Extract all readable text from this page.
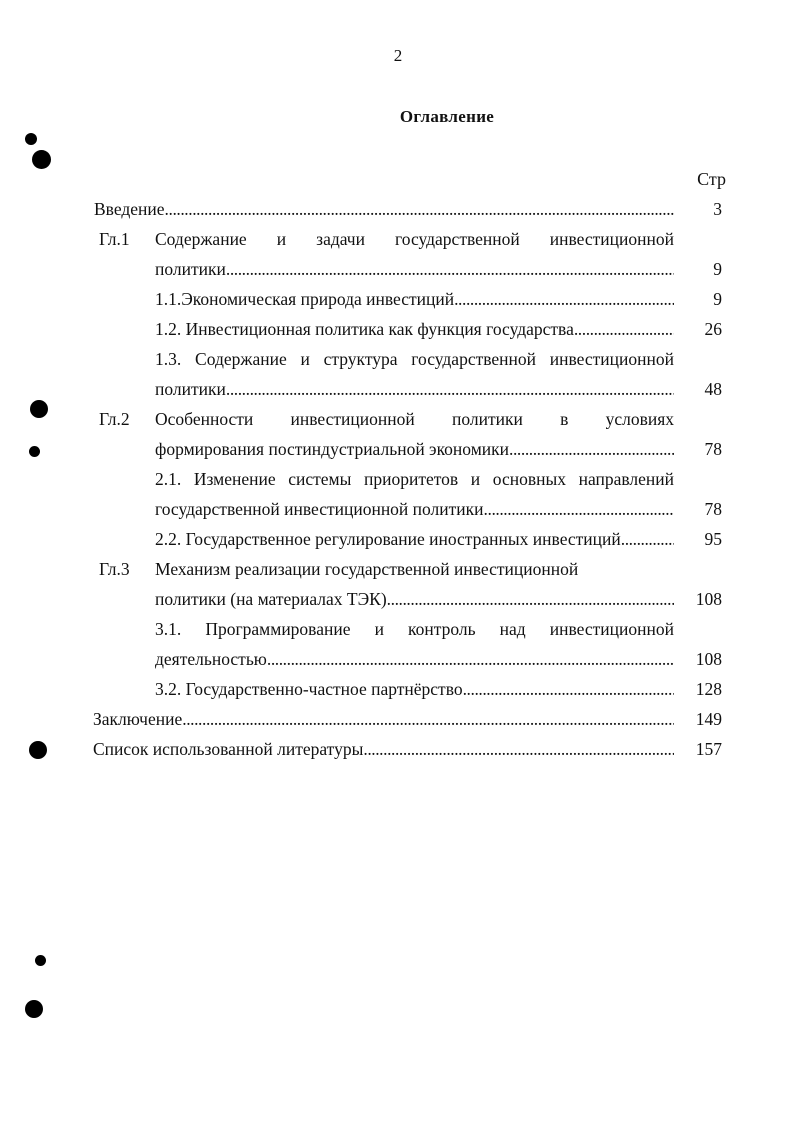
2
Оглавление
Стр
Введение . . .	3
Гл.1 Содержание и задачи государственной инвестиционной
политики . . .	9
1.1.Экономическая природа инвестиций . . .	9
1.2. Инвестиционная политика как функция государства . . .	26
1.3. Содержание и структура государственной инвестиционной
политики . . .	48
Гл.2 Особенности инвестиционной политики в условиях
формирования постиндустриальной экономики . . .	78
2.1. Изменение системы приоритетов и основных направлений
государственной инвестиционной политики . . .	78
2.2. Государственное регулирование иностранных инвестиций . . .	95
Гл.3 Механизм реализации государственной инвестиционной
политики (на материалах ТЭК) . . .	108
3.1. Программирование и контроль над инвестиционной
деятельностью . . .	108
3.2. Государственно-частное партнёрство . . .	128
Заключение . . .	149
Список использованной литературы . . .	157
